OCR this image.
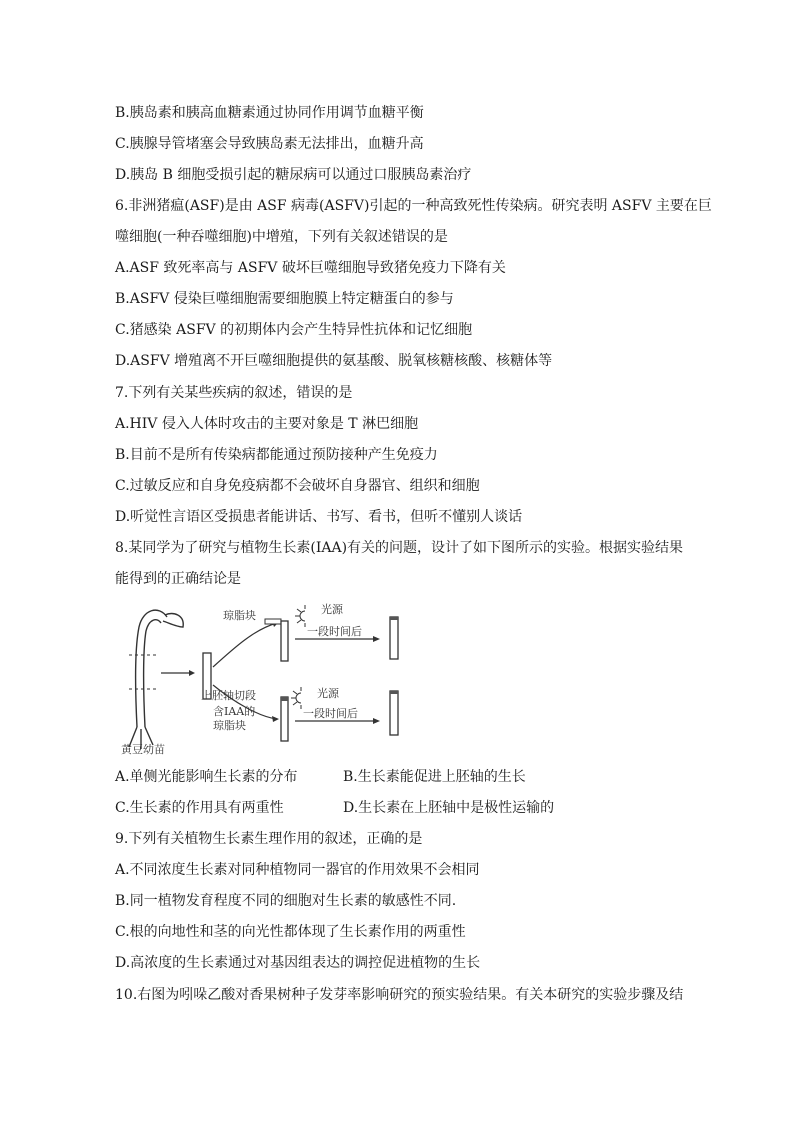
B.胰岛素和胰高血糖素通过协同作用调节血糖平衡
C.胰腺导管堵塞会导致胰岛素无法排出，血糖升高
D.胰岛 B 细胞受损引起的糖尿病可以通过口服胰岛素治疗
6.非洲猪瘟(ASF)是由 ASF 病毒(ASFV)引起的一种高致死性传染病。研究表明 ASFV 主要在巨
噬细胞(一种吞噬细胞)中增殖，下列有关叙述错误的是
A.ASF 致死率高与 ASFV 破坏巨噬细胞导致猪免疫力下降有关
B.ASFV 侵染巨噬细胞需要细胞膜上特定糖蛋白的参与
C.猪感染 ASFV 的初期体内会产生特异性抗体和记忆细胞
D.ASFV 增殖离不开巨噬细胞提供的氨基酸、脱氧核糖核酸、核糖体等
7.下列有关某些疾病的叙述，错误的是
A.HIV 侵入人体时攻击的主要对象是 T 淋巴细胞
B.目前不是所有传染病都能通过预防接种产生免疫力
C.过敏反应和自身免疫病都不会破坏自身器官、组织和细胞
D.听觉性言语区受损患者能讲话、书写、看书，但听不懂别人谈话
8.某同学为了研究与植物生长素(IAA)有关的问题，设计了如下图所示的实验。根据实验结果
能得到的正确结论是
琼脂块	光源
一段时间后
上胚轴切段
含IAA的
琼脂块
光源
一段时间后
黄豆幼苗
A.单侧光能影响生长素的分布	B.生长素能促进上胚轴的生长
C.生长素的作用具有两重性	D.生长素在上胚轴中是极性运输的
9.下列有关植物生长素生理作用的叙述，正确的是
A.不同浓度生长素对同种植物同一器官的作用效果不会相同
B.同一植物发育程度不同的细胞对生长素的敏感性不同.
C.根的向地性和茎的向光性都体现了生长素作用的两重性
D.高浓度的生长素通过对基因组表达的调控促进植物的生长
10.右图为吲哚乙酸对香果树种子发芽率影响研究的预实验结果。有关本研究的实验步骤及结
